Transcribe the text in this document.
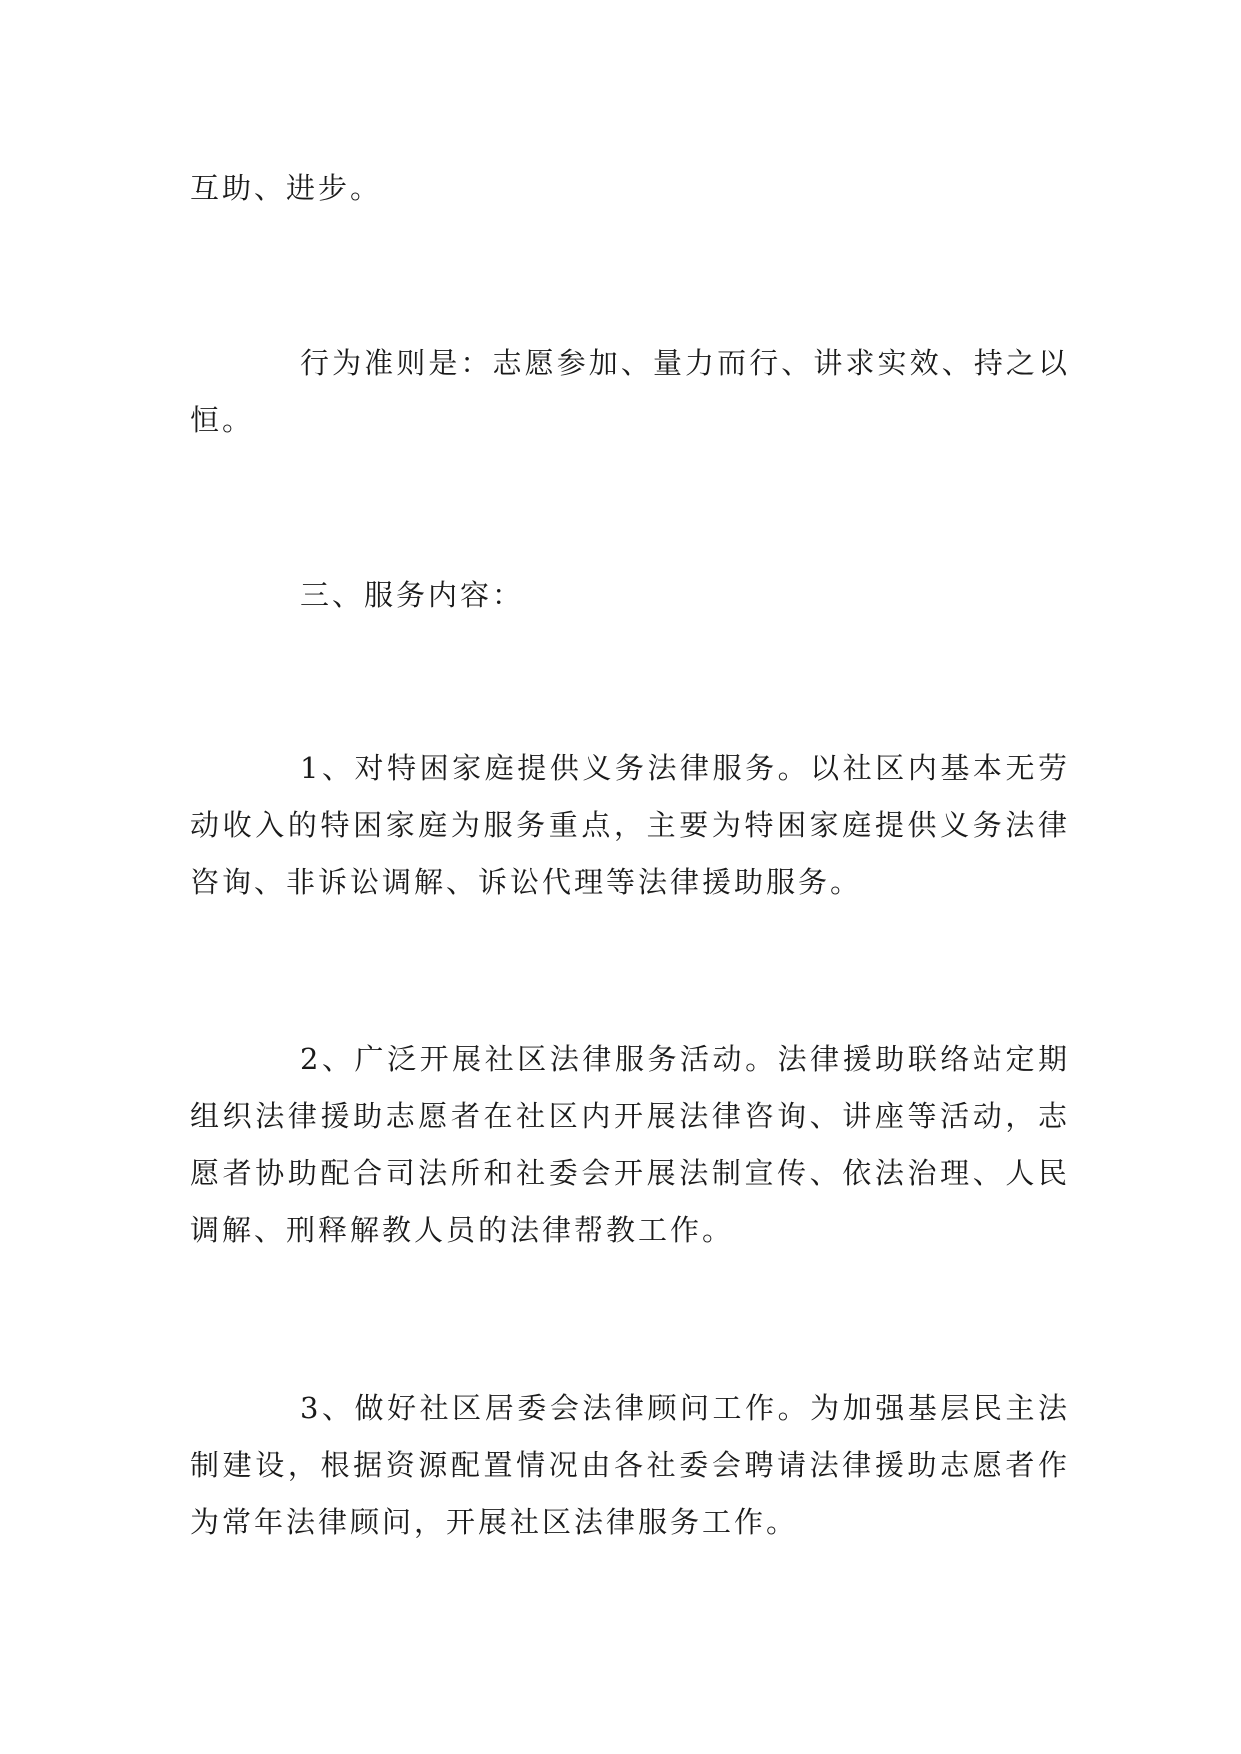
互助、进步。

行为准则是：志愿参加、量力而行、讲求实效、持之以恒。

三、服务内容：

1、对特困家庭提供义务法律服务。以社区内基本无劳动收入的特困家庭为服务重点，主要为特困家庭提供义务法律咨询、非诉讼调解、诉讼代理等法律援助服务。

2、广泛开展社区法律服务活动。法律援助联络站定期组织法律援助志愿者在社区内开展法律咨询、讲座等活动，志愿者协助配合司法所和社委会开展法制宣传、依法治理、人民调解、刑释解教人员的法律帮教工作。

3、做好社区居委会法律顾问工作。为加强基层民主法制建设，根据资源配置情况由各社委会聘请法律援助志愿者作为常年法律顾问，开展社区法律服务工作。
